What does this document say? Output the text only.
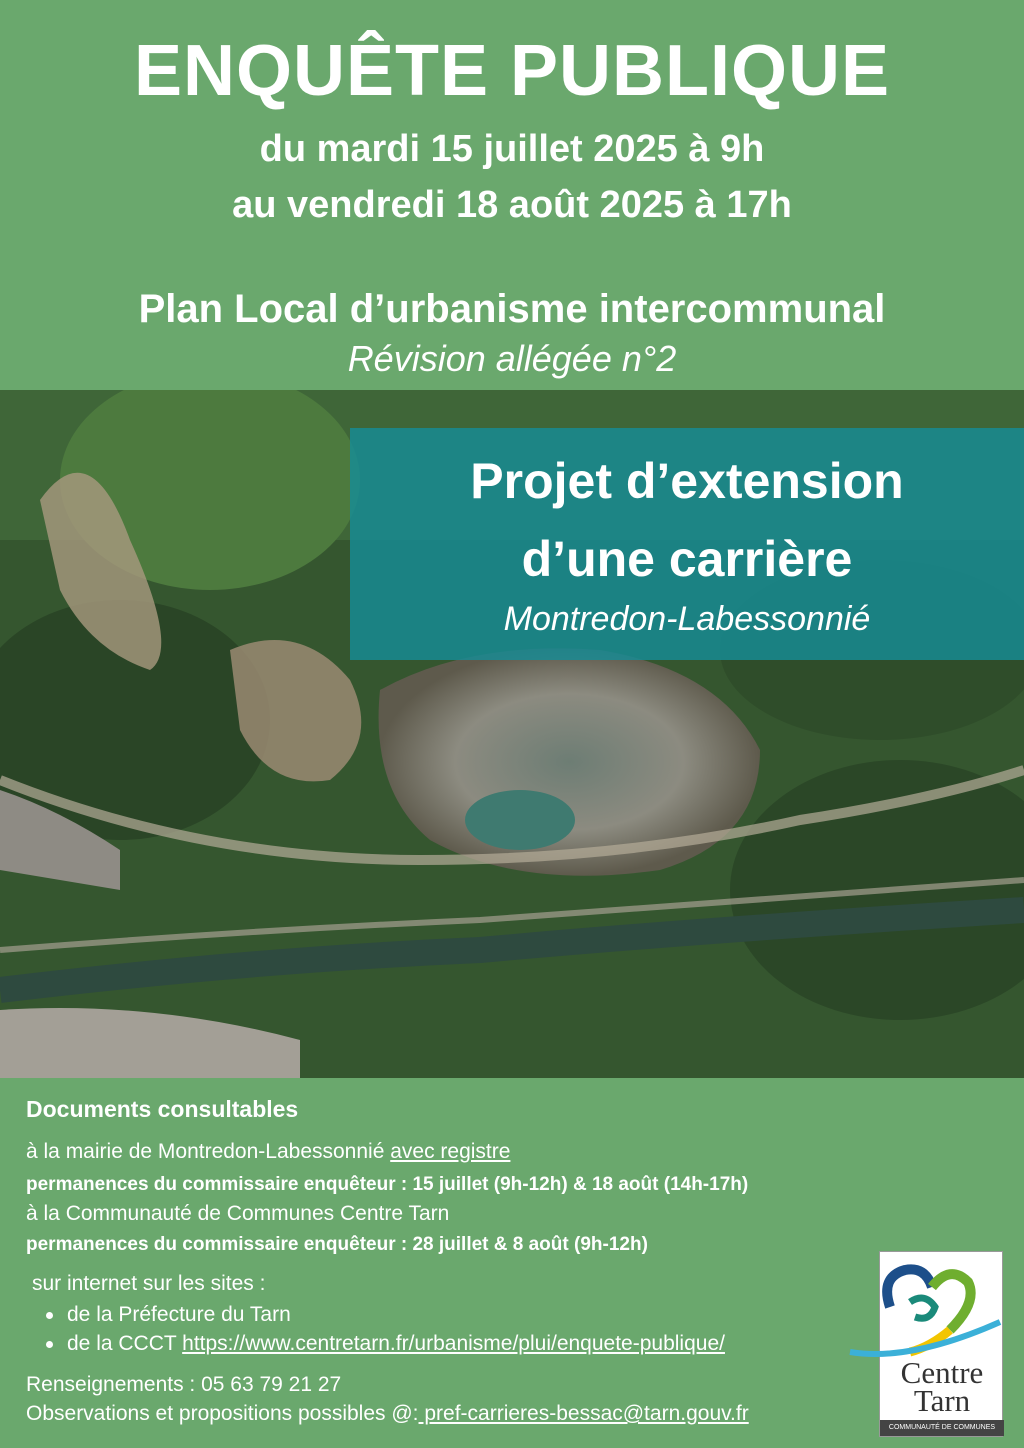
ENQUÊTE PUBLIQUE
du mardi 15 juillet 2025 à 9h
au vendredi 18 août 2025 à 17h
Plan Local d’urbanisme intercommunal
Révision allégée n°2
Projet d’extension
d’une carrière
Montredon-Labessonnié
Documents consultables
à la mairie de Montredon-Labessonnié avec registre
permanences du commissaire enquêteur : 15 juillet (9h-12h) & 18 août (14h-17h)
à la Communauté de Communes Centre Tarn
permanences du commissaire enquêteur : 28 juillet & 8 août (9h-12h)
sur internet sur les sites :
de la Préfecture du Tarn
de la CCCT https://www.centretarn.fr/urbanisme/plui/enquete-publique/
Renseignements : 05 63 79 21 27
Observations et propositions possibles @: pref-carrieres-bessac@tarn.gouv.fr
Centre
Tarn
COMMUNAUTÉ DE COMMUNES
